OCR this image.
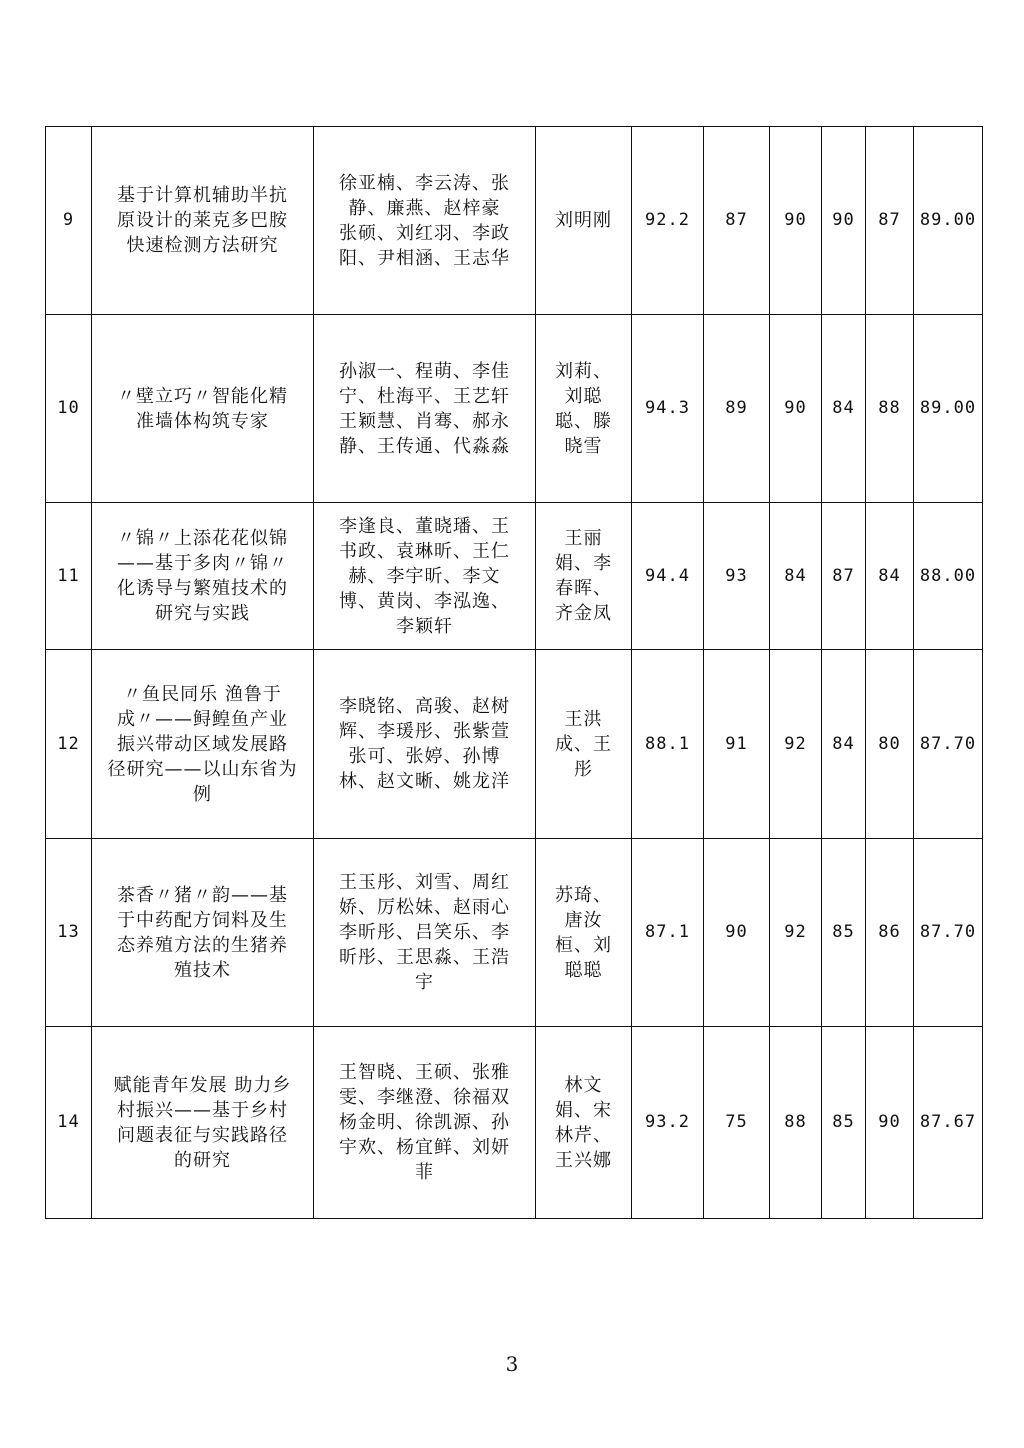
9	基于计算机辅助半抗
原设计的莱克多巴胺
快速检测方法研究	徐亚楠、李云涛、张
静、廉燕、赵梓豪
张硕、刘红羽、李政
阳、尹相涵、王志华	刘明刚	92.2	87	90	90	87	89.00
10	〃壁立巧〃智能化精
准墙体构筑专家	孙淑一、程萌、李佳
宁、杜海平、王艺轩
王颖慧、肖骞、郝永
静、王传通、代淼淼	刘莉、
刘聪
聪、滕
晓雪	94.3	89	90	84	88	89.00
11	〃锦〃上添花花似锦
——基于多肉〃锦〃
化诱导与繁殖技术的
研究与实践	李逢良、董晓璠、王
书政、袁琳昕、王仁
赫、李宇昕、李文
博、黄岗、李泓逸、
李颖轩	王丽
娟、李
春晖、
齐金凤	94.4	93	84	87	84	88.00
12	〃鱼民同乐 渔鲁于
成〃——鲟鳇鱼产业
振兴带动区域发展路
径研究——以山东省为
例	李晓铭、高骏、赵树
辉、李瑗彤、张紫萱
张可、张婷、孙博
林、赵文晰、姚龙洋	王洪
成、王
彤	88.1	91	92	84	80	87.70
13	茶香〃猪〃韵——基
于中药配方饲料及生
态养殖方法的生猪养
殖技术	王玉彤、刘雪、周红
娇、厉松妹、赵雨心
李昕彤、吕笑乐、李
昕彤、王思淼、王浩
宇	苏琦、
唐汝
桓、刘
聪聪	87.1	90	92	85	86	87.70
14	赋能青年发展 助力乡
村振兴——基于乡村
问题表征与实践路径
的研究	王智晓、王硕、张雅
雯、李继澄、徐福双
杨金明、徐凯源、孙
宇欢、杨宜鲜、刘妍
菲	林文
娟、宋
林芹、
王兴娜	93.2	75	88	85	90	87.67
3
